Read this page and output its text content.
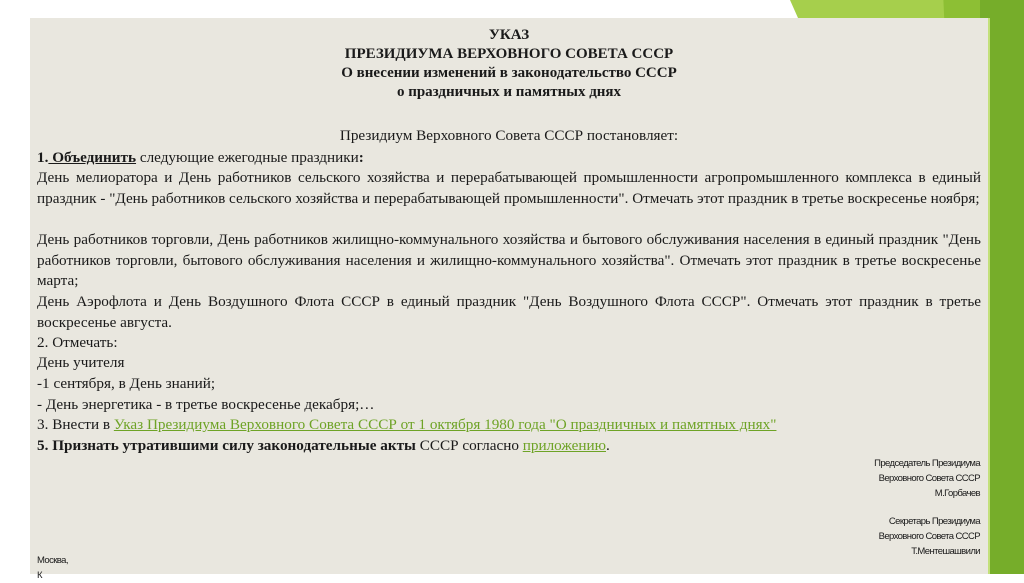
УКАЗ
ПРЕЗИДИУМА ВЕРХОВНОГО СОВЕТА СССР
О внесении изменений в законодательство СССР
о праздничных и памятных днях
Президиум Верховного Совета СССР постановляет:
1. Объединить следующие ежегодные праздники:
День мелиоратора и День работников сельского хозяйства и перерабатывающей промышленности агропромышленного комплекса в единый праздник - "День работников сельского хозяйства и перерабатывающей промышленности". Отмечать этот праздник в третье воскресенье ноября;
День работников торговли, День работников жилищно-коммунального хозяйства и бытового обслуживания населения в единый праздник "День работников торговли, бытового обслуживания населения и жилищно-коммунального хозяйства". Отмечать этот праздник в третье воскресенье марта;
День Аэрофлота и День Воздушного Флота СССР в единый праздник "День Воздушного Флота СССР". Отмечать этот праздник в третье воскресенье августа.
2. Отмечать:
День учителя
-1 сентября, в День знаний;
- День энергетика - в третье воскресенье декабря;…
3. Внести в Указ Президиума Верховного Совета СССР от 1 октября 1980 года "О праздничных и памятных днях"
5. Признать утратившими силу законодательные акты СССР согласно приложению.
Председатель Президиума
Верховного Совета СССР
М.Горбачев
Секретарь Президиума
Верховного Совета СССР
Т.Ментешашвили
Москва,
К
